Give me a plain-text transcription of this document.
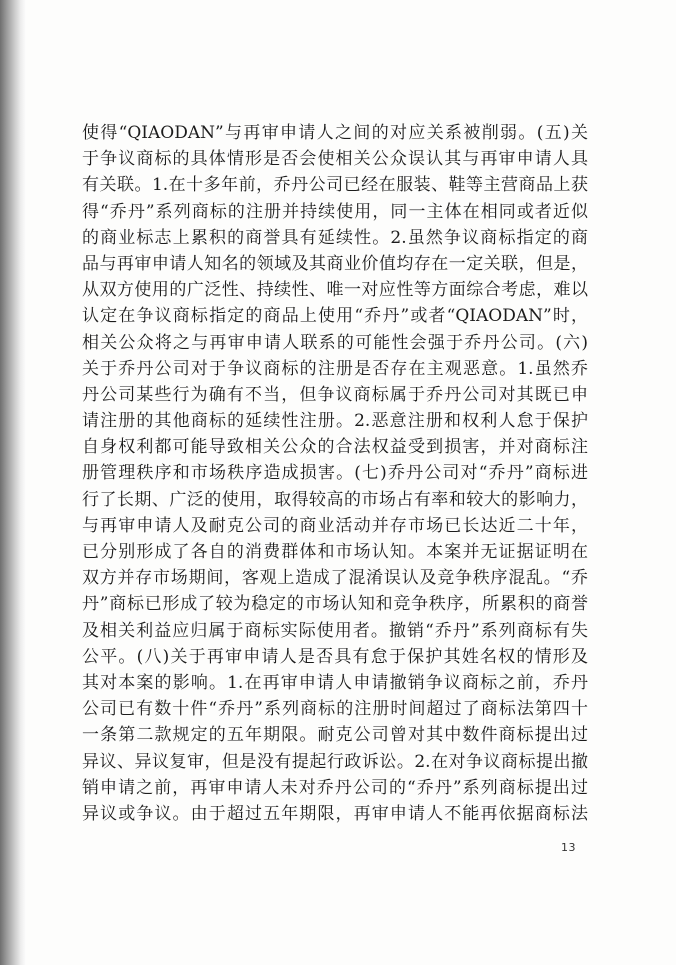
使得“QIAODAN”与再审申请人之间的对应关系被削弱。(五)关
于争议商标的具体情形是否会使相关公众误认其与再审申请人具
有关联。1.在十多年前，乔丹公司已经在服装、鞋等主营商品上获
得“乔丹”系列商标的注册并持续使用，同一主体在相同或者近似
的商业标志上累积的商誉具有延续性。2.虽然争议商标指定的商
品与再审申请人知名的领域及其商业价值均存在一定关联，但是，
从双方使用的广泛性、持续性、唯一对应性等方面综合考虑，难以
认定在争议商标指定的商品上使用“乔丹”或者“QIAODAN”时，
相关公众将之与再审申请人联系的可能性会强于乔丹公司。(六)
关于乔丹公司对于争议商标的注册是否存在主观恶意。1.虽然乔
丹公司某些行为确有不当，但争议商标属于乔丹公司对其既已申
请注册的其他商标的延续性注册。2.恶意注册和权利人怠于保护
自身权利都可能导致相关公众的合法权益受到损害，并对商标注
册管理秩序和市场秩序造成损害。(七)乔丹公司对“乔丹”商标进
行了长期、广泛的使用，取得较高的市场占有率和较大的影响力，
与再审申请人及耐克公司的商业活动并存市场已长达近二十年，
已分别形成了各自的消费群体和市场认知。本案并无证据证明在
双方并存市场期间，客观上造成了混淆误认及竞争秩序混乱。“乔
丹”商标已形成了较为稳定的市场认知和竞争秩序，所累积的商誉
及相关利益应归属于商标实际使用者。撤销“乔丹”系列商标有失
公平。(八)关于再审申请人是否具有怠于保护其姓名权的情形及
其对本案的影响。1.在再审申请人申请撤销争议商标之前，乔丹
公司已有数十件“乔丹”系列商标的注册时间超过了商标法第四十
一条第二款规定的五年期限。耐克公司曾对其中数件商标提出过
异议、异议复审，但是没有提起行政诉讼。2.在对争议商标提出撤
销申请之前，再审申请人未对乔丹公司的“乔丹”系列商标提出过
异议或争议。由于超过五年期限，再审申请人不能再依据商标法
13
